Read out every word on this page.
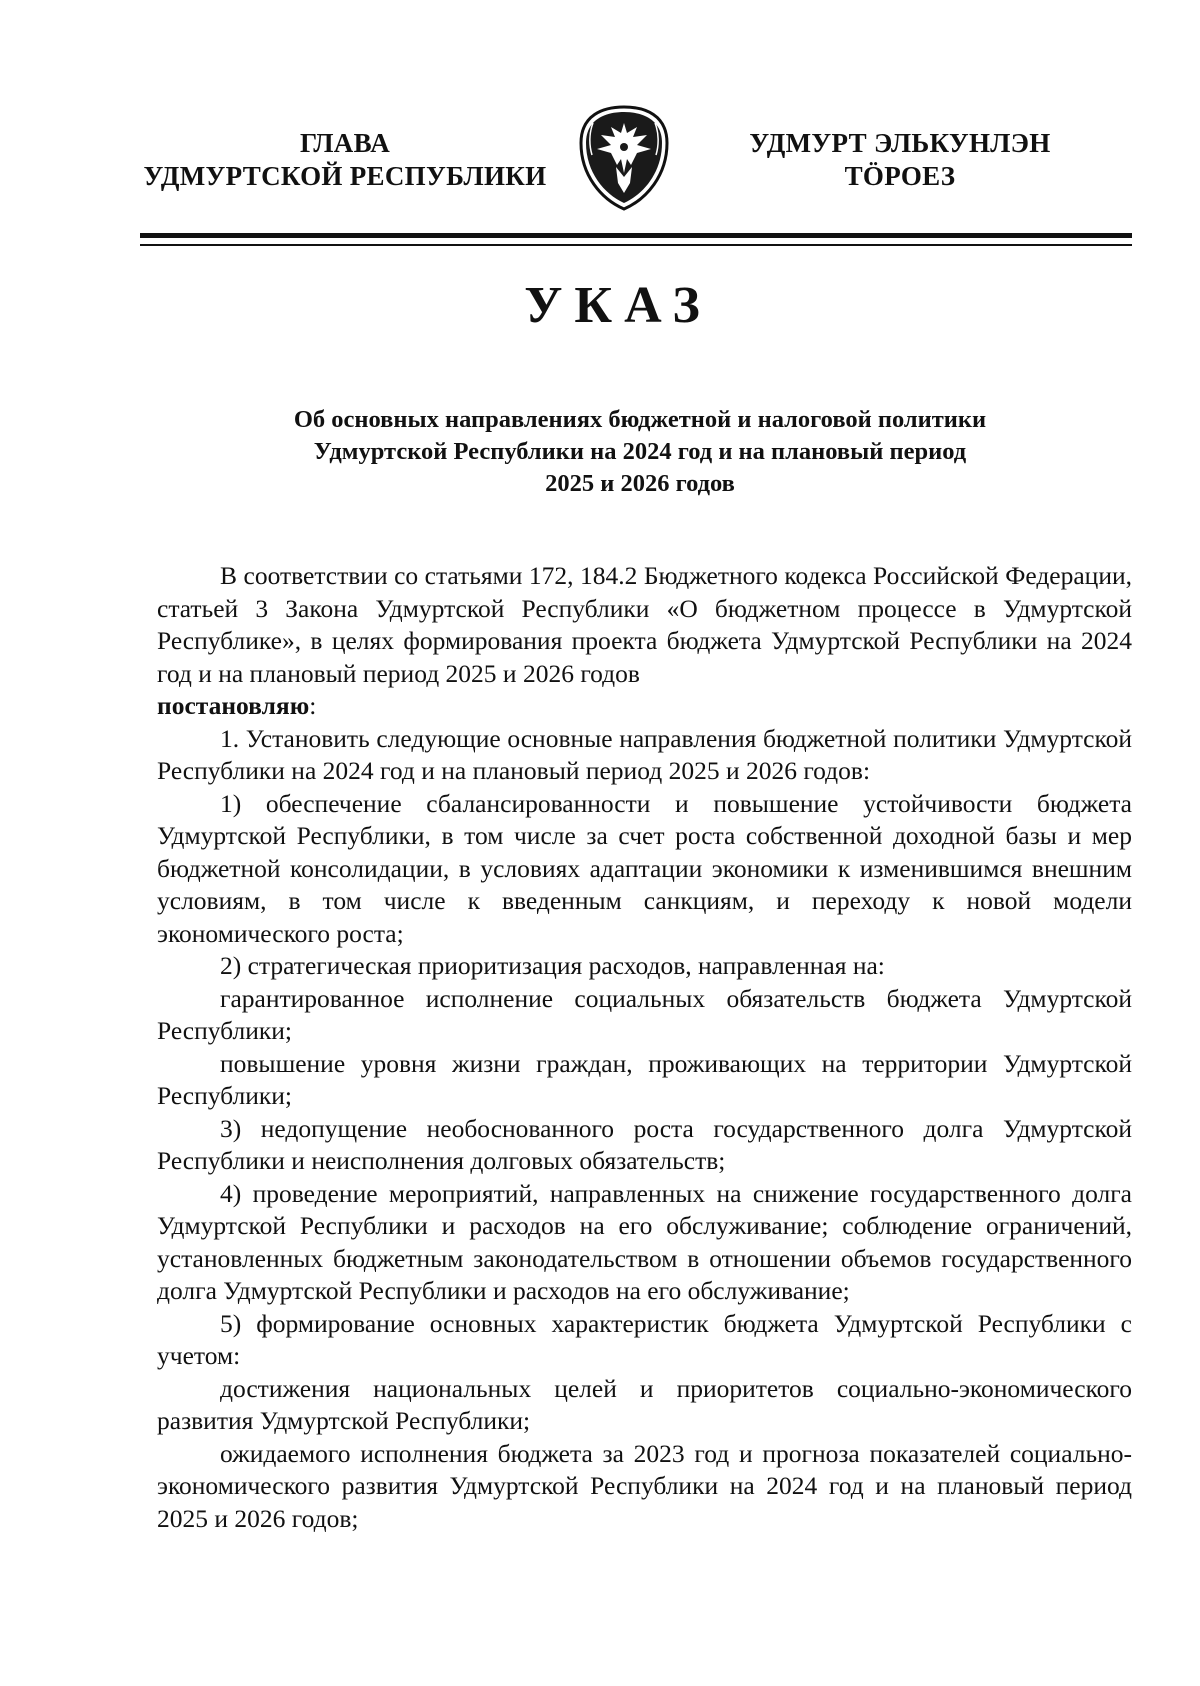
ГЛАВА
УДМУРТСКОЙ РЕСПУБЛИКИ
УДМУРТ ЭЛЬКУНЛЭН
ТӦРОЕЗ
УКАЗ
Об основных направлениях бюджетной и налоговой политики
Удмуртской Республики на 2024 год и на плановый период
2025 и 2026 годов

В соответствии со статьями 172, 184.2 Бюджетного кодекса Российской Федерации, статьей 3 Закона Удмуртской Республики «О бюджетном процессе в Удмуртской Республике», в целях формирования проекта бюджета Удмуртской Республики на 2024 год и на плановый период 2025 и 2026 годов
постановляю:

1. Установить следующие основные направления бюджетной политики Удмуртской Республики на 2024 год и на плановый период 2025 и 2026 годов:

1) обеспечение сбалансированности и повышение устойчивости бюджета Удмуртской Республики, в том числе за счет роста собственной доходной базы и мер бюджетной консолидации, в условиях адаптации экономики к изменившимся внешним условиям, в том числе к введенным санкциям, и переходу к новой модели экономического роста;

2) стратегическая приоритизация расходов, направленная на:

гарантированное исполнение социальных обязательств бюджета Удмуртской Республики;

повышение уровня жизни граждан, проживающих на территории Удмуртской Республики;

3) недопущение необоснованного роста государственного долга Удмуртской Республики и неисполнения долговых обязательств;

4) проведение мероприятий, направленных на снижение государственного долга Удмуртской Республики и расходов на его обслуживание; соблюдение ограничений, установленных бюджетным законодательством в отношении объемов государственного долга Удмуртской Республики и расходов на его обслуживание;

5) формирование основных характеристик бюджета Удмуртской Республики с учетом:

достижения национальных целей и приоритетов социально-экономического развития Удмуртской Республики;

ожидаемого исполнения бюджета за 2023 год и прогноза показателей социально-экономического развития Удмуртской Республики на 2024 год и на плановый период 2025 и 2026 годов;
